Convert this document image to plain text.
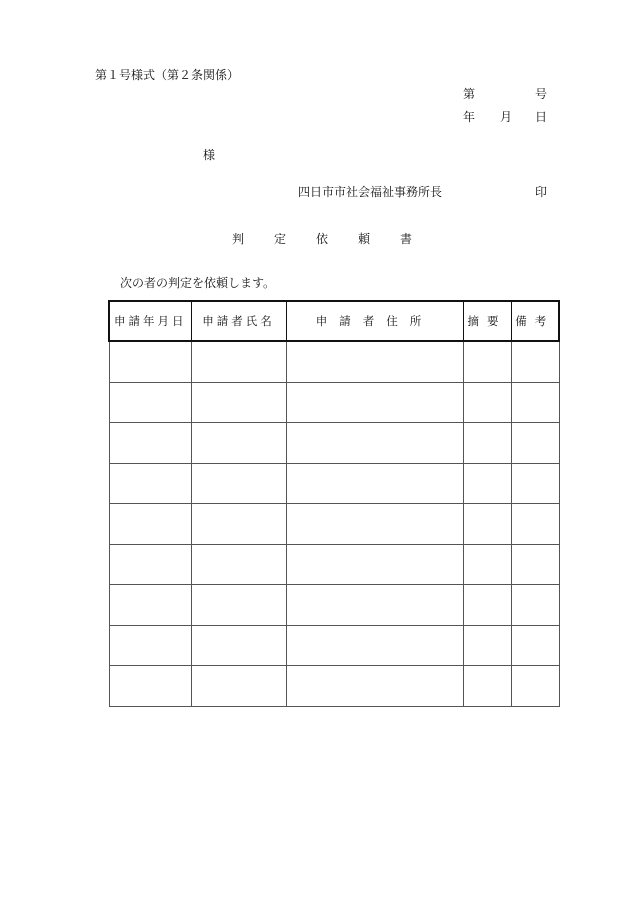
第１号様式（第２条関係）
第	号
年 月 日
様
四日市市社会福祉事務所長	印
判定依頼書
次の者の判定を依頼します。
申請年月日	申請者氏名	申請者住所	摘要	備考
